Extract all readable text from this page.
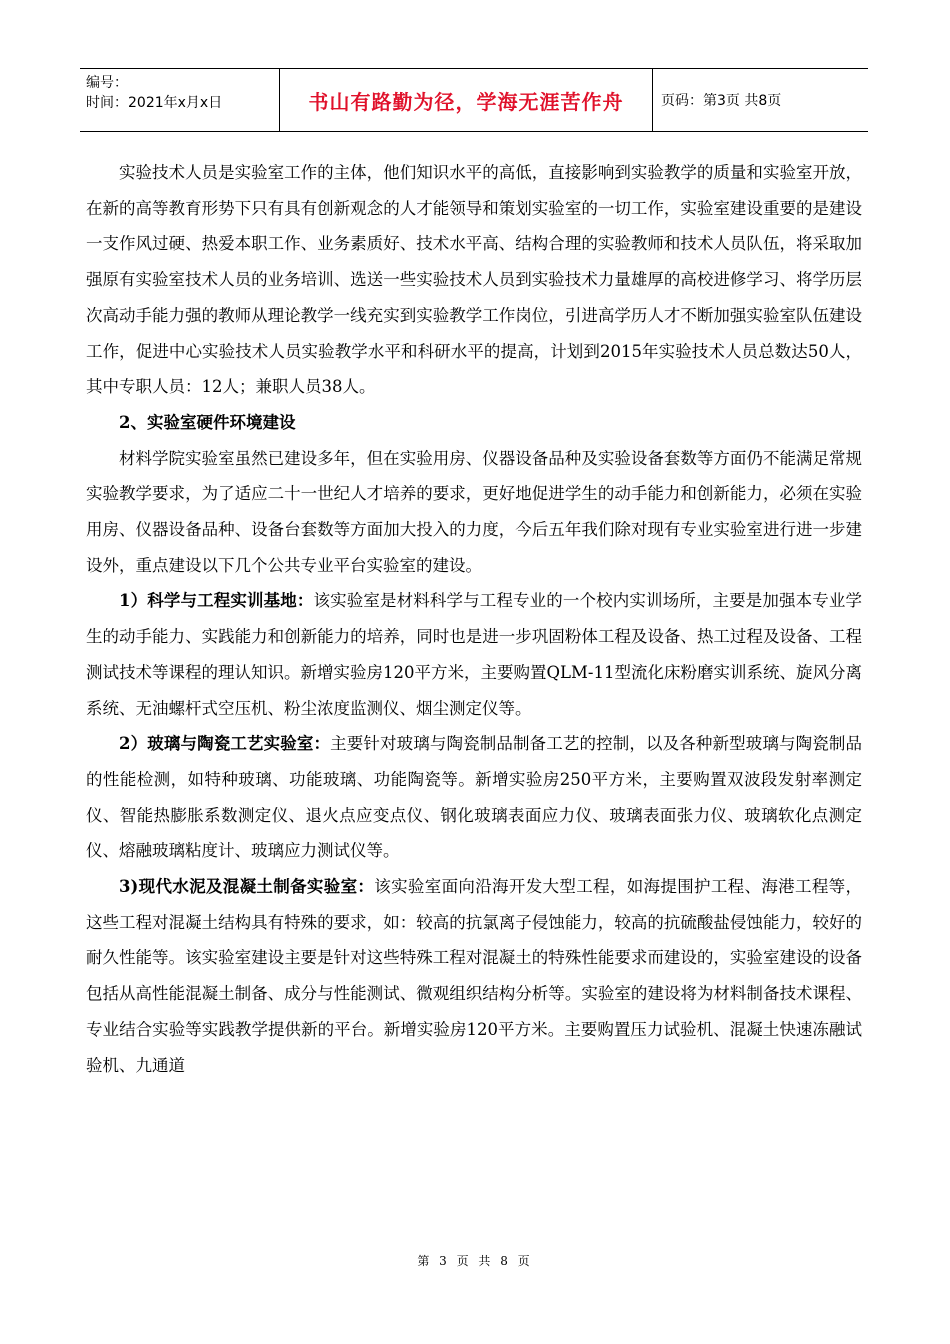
编号：
时间：2021年x月x日	书山有路勤为径，学海无涯苦作舟	页码：第3页 共8页

实验技术人员是实验室工作的主体，他们知识水平的高低，直接影响到实验教学的质量和实验室开放，在新的高等教育形势下只有具有创新观念的人才能领导和策划实验室的一切工作，实验室建设重要的是建设一支作风过硬、热爱本职工作、业务素质好、技术水平高、结构合理的实验教师和技术人员队伍，将采取加强原有实验室技术人员的业务培训、选送一些实验技术人员到实验技术力量雄厚的高校进修学习、将学历层次高动手能力强的教师从理论教学一线充实到实验教学工作岗位，引进高学历人才不断加强实验室队伍建设工作，促进中心实验技术人员实验教学水平和科研水平的提高，计划到2015年实验技术人员总数达50人，其中专职人员：12人；兼职人员38人。

2、实验室硬件环境建设

材料学院实验室虽然已建设多年，但在实验用房、仪器设备品种及实验设备套数等方面仍不能满足常规实验教学要求，为了适应二十一世纪人才培养的要求，更好地促进学生的动手能力和创新能力，必须在实验用房、仪器设备品种、设备台套数等方面加大投入的力度，今后五年我们除对现有专业实验室进行进一步建设外，重点建设以下几个公共专业平台实验室的建设。

1）科学与工程实训基地：该实验室是材料科学与工程专业的一个校内实训场所，主要是加强本专业学生的动手能力、实践能力和创新能力的培养，同时也是进一步巩固粉体工程及设备、热工过程及设备、工程测试技术等课程的理认知识。新增实验房120平方米，主要购置QLM-11型流化床粉磨实训系统、旋风分离系统、无油螺杆式空压机、粉尘浓度监测仪、烟尘测定仪等。

2）玻璃与陶瓷工艺实验室：主要针对玻璃与陶瓷制品制备工艺的控制，以及各种新型玻璃与陶瓷制品的性能检测，如特种玻璃、功能玻璃、功能陶瓷等。新增实验房250平方米，主要购置双波段发射率测定仪、智能热膨胀系数测定仪、退火点应变点仪、钢化玻璃表面应力仪、玻璃表面张力仪、玻璃软化点测定仪、熔融玻璃粘度计、玻璃应力测试仪等。

3)现代水泥及混凝土制备实验室：该实验室面向沿海开发大型工程，如海提围护工程、海港工程等，这些工程对混凝土结构具有特殊的要求，如：较高的抗氯离子侵蚀能力，较高的抗硫酸盐侵蚀能力，较好的耐久性能等。该实验室建设主要是针对这些特殊工程对混凝土的特殊性能要求而建设的，实验室建设的设备包括从高性能混凝土制备、成分与性能测试、微观组织结构分析等。实验室的建设将为材料制备技术课程、专业结合实验等实践教学提供新的平台。新增实验房120平方米。主要购置压力试验机、混凝土快速冻融试验机、九通道

第 3 页 共 8 页
